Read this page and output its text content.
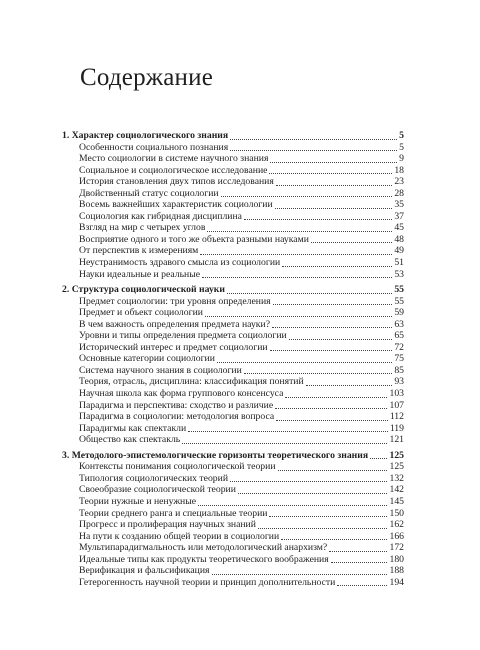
Содержание
1. Характер социологического знания	5
Особенности социального познания	5
Место социологии в системе научного знания	9
Социальное и социологическое исследование	18
История становления двух типов исследования	23
Двойственный статус социологии	28
Восемь важнейших характеристик социологии	35
Социология как гибридная дисциплина	37
Взгляд на мир с четырех углов	45
Восприятие одного и того же объекта разными науками	48
От перспектив к измерениям	49
Неустранимость здравого смысла из социологии	51
Науки идеальные и реальные	53
2. Структура социологической науки	55
Предмет социологии: три уровня определения	55
Предмет и объект социологии	59
В чем важность определения предмета науки?	63
Уровни и типы определения предмета социологии	65
Исторический интерес и предмет социологии	72
Основные категории социологии	75
Система научного знания в социологии	85
Теория, отрасль, дисциплина: классификация понятий	93
Научная школа как форма группового консенсуса	103
Парадигма и перспектива: сходство и различие	107
Парадигма в социологии: методология вопроса	112
Парадигмы как спектакли	119
Общество как спектакль	121
3. Методолого-эпистемологические горизонты теоретического знания 125
Контексты понимания социологической теории	125
Типология социологических теорий	132
Своеобразие социологической теории	142
Теории нужные и ненужные	145
Теории среднего ранга и специальные теории	150
Прогресс и пролиферация научных знаний	162
На пути к созданию общей теории в социологии	166
Мультипарадигмальность или методологический анархизм?	172
Идеальные типы как продукты теоретического воображения	180
Верификация и фальсификация	188
Гетерогенность научной теории и принцип дополнительности	194
